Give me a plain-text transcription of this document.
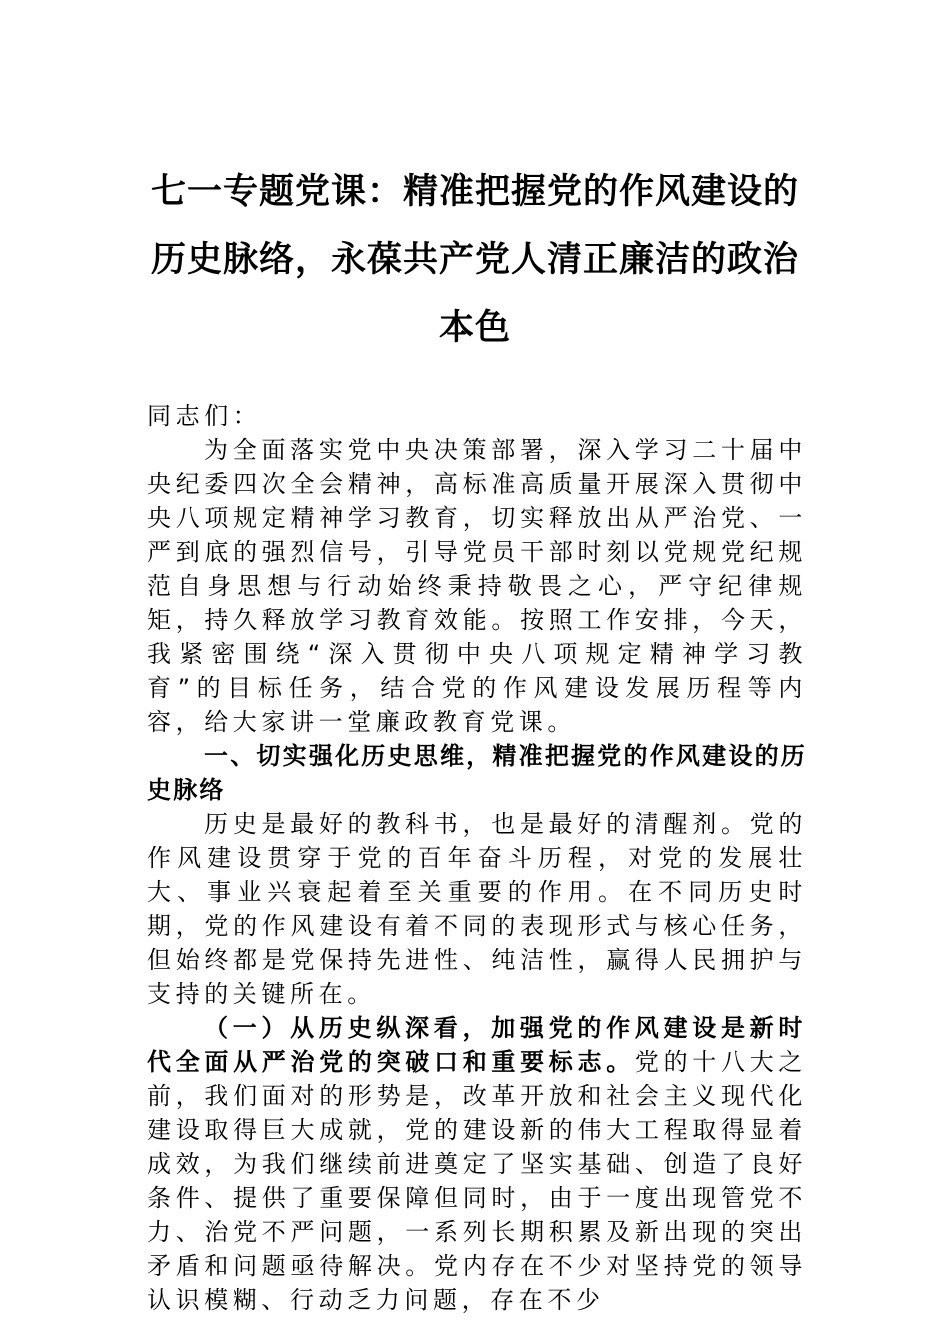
七一专题党课：精准把握党的作风建设的
历史脉络，永葆共产党人清正廉洁的政治
本色

同志们：

为全面落实党中央决策部署，深入学习二十届中央纪委四次全会精神，高标准高质量开展深入贯彻中央八项规定精神学习教育，切实释放出从严治党、一严到底的强烈信号，引导党员干部时刻以党规党纪规范自身思想与行动始终秉持敬畏之心，严守纪律规矩，持久释放学习教育效能。按照工作安排，今天，我紧密围绕“深入贯彻中央八项规定精神学习教育”的目标任务，结合党的作风建设发展历程等内容，给大家讲一堂廉政教育党课。

一、切实强化历史思维，精准把握党的作风建设的历史脉络

历史是最好的教科书，也是最好的清醒剂。党的作风建设贯穿于党的百年奋斗历程，对党的发展壮大、事业兴衰起着至关重要的作用。在不同历史时期，党的作风建设有着不同的表现形式与核心任务，但始终都是党保持先进性、纯洁性，赢得人民拥护与支持的关键所在。

（一）从历史纵深看，加强党的作风建设是新时代全面从严治党的突破口和重要标志。党的十八大之前，我们面对的形势是，改革开放和社会主义现代化建设取得巨大成就，党的建设新的伟大工程取得显着成效，为我们继续前进奠定了坚实基础、创造了良好条件、提供了重要保障但同时，由于一度出现管党不力、治党不严问题，一系列长期积累及新出现的突出矛盾和问题亟待解决。党内存在不少对坚持党的领导认识模糊、行动乏力问题，存在不少
